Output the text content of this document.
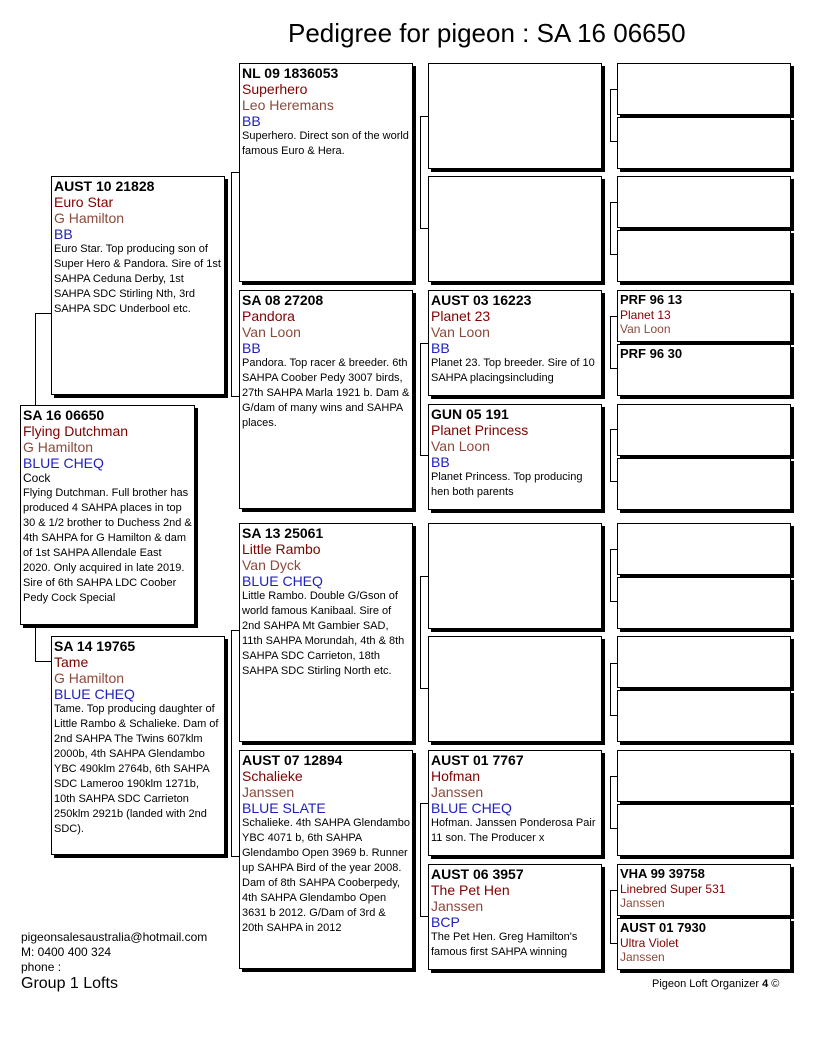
Pedigree for pigeon : SA 16 06650
SA 16 06650
Flying Dutchman
G Hamilton
BLUE CHEQ
Cock
Flying Dutchman. Full brother has produced 4 SAHPA places in top 30 & 1/2 brother to Duchess 2nd & 4th SAHPA for G Hamilton & dam of 1st SAHPA Allendale East 2020. Only acquired in late 2019. Sire of 6th SAHPA LDC Coober Pedy Cock Special
AUST 10 21828
Euro Star
G Hamilton
BB
Euro Star. Top producing son of Super Hero & Pandora. Sire of 1st SAHPA Ceduna Derby, 1st SAHPA SDC Stirling Nth, 3rd SAHPA SDC Underbool etc.
SA 14 19765
Tame
G Hamilton
BLUE CHEQ
Tame. Top producing daughter of Little Rambo & Schalieke. Dam of 2nd SAHPA The Twins 607klm 2000b, 4th SAHPA Glendambo YBC 490klm 2764b, 6th SAHPA SDC Lameroo 190klm 1271b, 10th SAHPA SDC Carrieton 250klm 2921b (landed with 2nd SDC).
NL 09 1836053
Superhero
Leo Heremans
BB
Superhero. Direct son of the world famous Euro & Hera.
SA 08 27208
Pandora
Van Loon
BB
Pandora. Top racer & breeder. 6th SAHPA Coober Pedy 3007 birds, 27th SAHPA Marla 1921 b. Dam & G/dam of many wins and SAHPA places.
SA 13 25061
Little Rambo
Van Dyck
BLUE CHEQ
Little Rambo. Double G/Gson of world famous Kanibaal. Sire of 2nd SAHPA Mt Gambier SAD, 11th SAHPA Morundah, 4th & 8th SAHPA SDC Carrieton, 18th SAHPA SDC Stirling North etc.
AUST 07 12894
Schalieke
Janssen
BLUE SLATE
Schalieke. 4th SAHPA Glendambo YBC 4071 b, 6th SAHPA Glendambo Open 3969 b. Runner up SAHPA Bird of the year 2008. Dam of 8th SAHPA Cooberpedy, 4th SAHPA Glendambo Open 3631 b 2012. G/Dam of 3rd & 20th SAHPA in 2012
AUST 03 16223
Planet 23
Van Loon
BB
Planet 23. Top breeder. Sire of 10 SAHPA placingsincluding
GUN 05 191
Planet Princess
Van Loon
BB
Planet Princess. Top producing hen both parents
AUST 01 7767
Hofman
Janssen
BLUE CHEQ
Hofman. Janssen Ponderosa Pair 11 son. The Producer x
AUST 06 3957
The Pet Hen
Janssen
BCP
The Pet Hen. Greg Hamilton's famous first SAHPA winning
PRF 96 13
Planet 13
Van Loon
PRF 96 30
VHA 99 39758
Linebred Super 531
Janssen
AUST 01 7930
Ultra Violet
Janssen
pigeonsalesaustralia@hotmail.com
M: 0400 400 324
phone :
Group 1 Lofts	Pigeon Loft Organizer 4 ©
